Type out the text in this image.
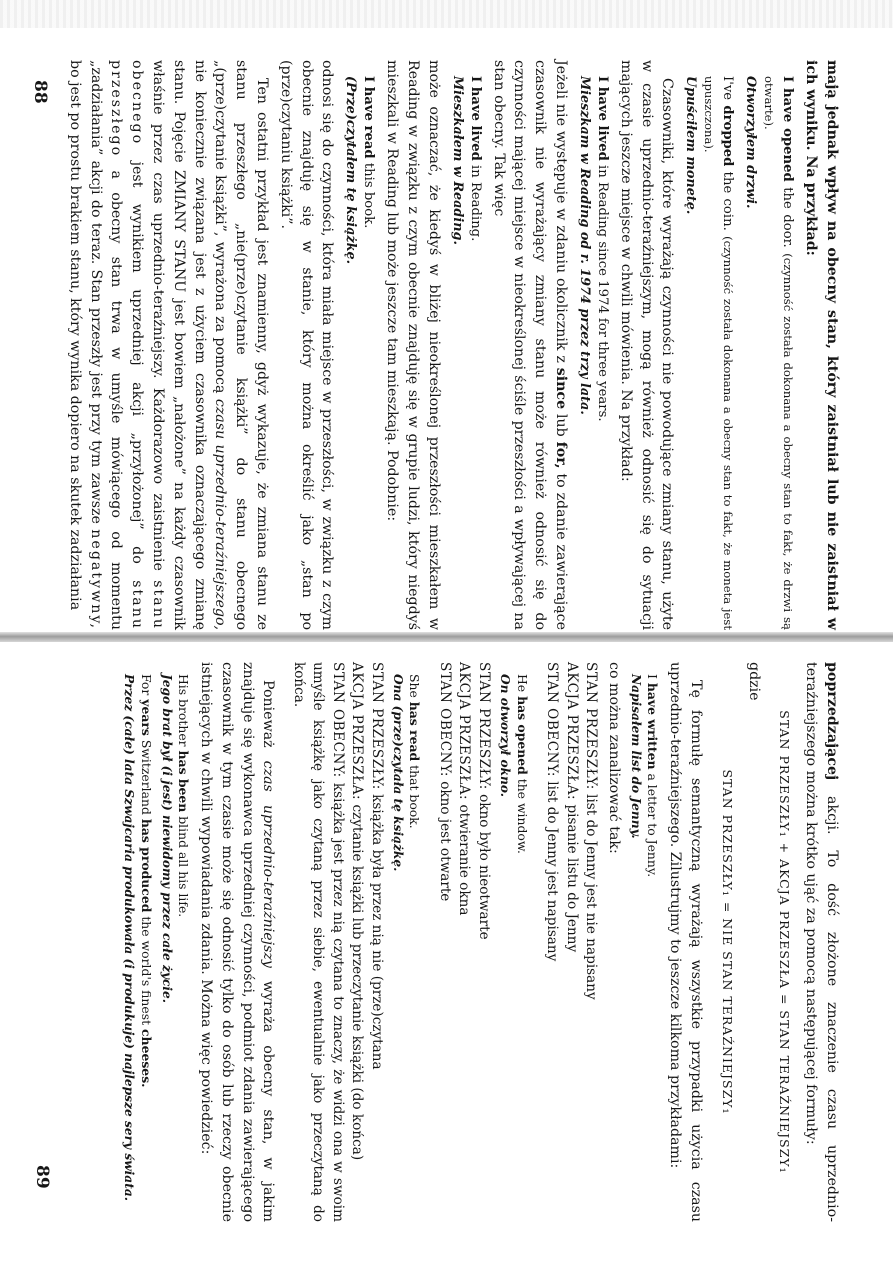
mają jednak wpływ na obecny stan, który zaistniał lub nie zaistniał w ich wyniku. Na przykład:

I have opened the door. (czynność została dokonana a obecny stan to fakt, że drzwi są otwarte).
Otworzyłem drzwi.
I've dropped the coin. (czynność została dokonana a obecny stan to fakt, że moneta jest upuszczona).
Upuściłem monetę.

Czasowniki, które wyrażają czynności nie powodujące zmiany stanu, użyte w czasie uprzednio-teraźniejszym, mogą również odnosić się do sytuacji mających jeszcze miejsce w chwili mówienia. Na przykład:

I have lived in Reading since 1974 for three years.
Mieszkam w Reading od r. 1974 przez trzy lata.

Jeżeli nie występuje w zdaniu okolicznik z since lub for, to zdanie zawierające czasownik nie wyrażający zmiany stanu może również odnosić się do czynności mającej miejsce w nieokreślonej ściśle przeszłości a wpływającej na stan obecny. Tak więc

I have lived in Reading.
Mieszkałem w Reading.

może oznaczać, że kiedyś w bliżej nieokreślonej przeszłości mieszkałem w Reading w związku z czym obecnie znajduję się w grupie ludzi, który niegdyś mieszkali w Reading lub może jeszcze tam mieszkają. Podobnie:

I have read this book.
(Prze)czytałem tę książkę.

odnosi się do czynności, która miała miejsce w przeszłości, w związku z czym obecnie znajduję się w stanie, który można określić jako „stan po (prze)czytaniu książki”.

Ten ostatni przykład jest znamienny, gdyż wykazuje, że zmiana stanu ze stanu przeszłego „nie(prze)czytanie książki” do stanu obecnego „(prze)czytanie książki”, wyrażona za pomocą czasu uprzednio-teraźniejszego, nie koniecznie związana jest z użyciem czasownika oznaczającego zmianę stanu. Pojęcie ZMIANY STANU jest bowiem „nałożone” na każdy czasownik właśnie przez czas uprzednio-teraźniejszy. Każdorazowo zaistnienie stanu obecnego jest wynikiem uprzedniej akcji „przyłożonej” do stanu przeszłego a obecny stan trwa w umyśle mówiącego od momentu „zadziałania” akcji do teraz. Stan przeszły jest przy tym zawsze negatywny, bo jest po prostu brakiem stanu, który wynika dopiero na skutek zadziałania

poprzedzającej akcji. To dość złożone znaczenie czasu uprzednio-teraźniejszego można krótko ująć za pomocą następującej formuły:

STAN PRZESZŁY₁ + AKCJA PRZESZŁA = STAN TERAŹNIEJSZY₁

gdzie

STAN PRZESZŁY₁ = NIE STAN TERAŹNIEJSZY₁

Tę formułę semantyczną wyrażają wszystkie przypadki użycia czasu uprzednio-teraźniejszego. Zilustrujmy to jeszcze kilkoma przykładami:

I have written a letter to Jenny.
Napisałem list do Jenny.

co można zanalizować tak:

STAN PRZESZŁY: list do Jenny jest nie napisany
AKCJA PRZESZŁA: pisanie listu do Jenny
STAN OBECNY: list do Jenny jest napisany
He has opened the window.
On otworzył okno.
STAN PRZESZŁY: okno było nieotwarte
AKCJA PRZESZŁA: otwieranie okna
STAN OBECNY: okno jest otwarte
She has read that book.
Ona (prze)czytała tę książkę.
STAN PRZESZŁY: książka była przez nią nie (prze)czytana
AKCJA PRZESZŁA: czytanie książki lub przeczytanie książki (do końca)
STAN OBECNY: książka jest przez nią czytana to znaczy, że widzi ona w swoim umyśle książkę jako czytaną przez siebie, ewentualnie jako przeczytaną do końca.

Ponieważ czas uprzednio-teraźniejszy wyraża obecny stan, w jakim znajduje się wykonawca uprzedniej czynności, podmiot zdania zawierającego czasownik w tym czasie może się odnosić tylko do osób lub rzeczy obecnie istniejących w chwili wypowiadania zdania. Można więc powiedzieć:

His brother has been blind all his life.
Jego brat był (i jest) niewidomy przez całe życie.
For years Switzerland has produced the world's finest cheeses.
Przez (całe) lata Szwajcaria produkowała (i produkuje) najlepsze sery świata.
88
89
